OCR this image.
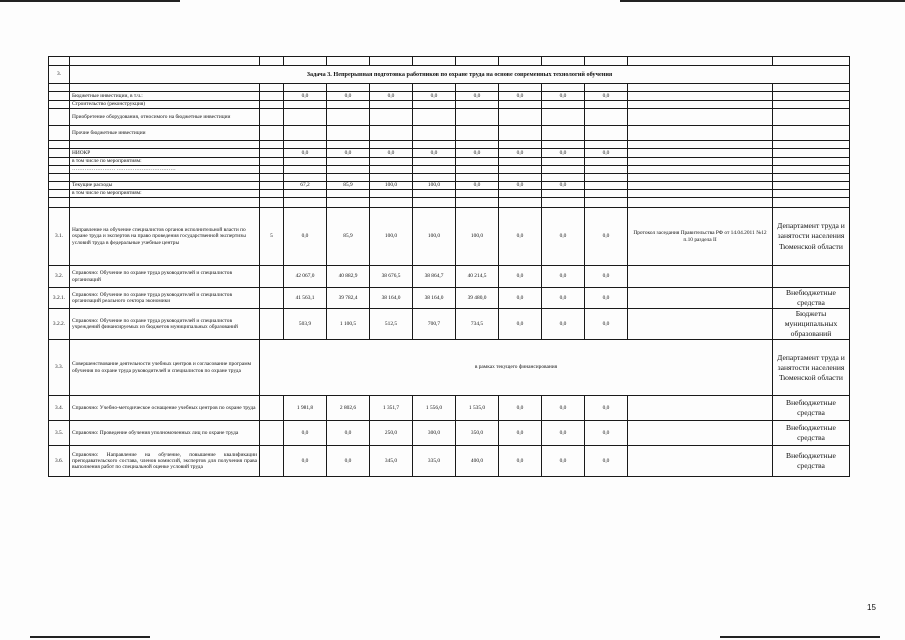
3.	Задача 3. Непрерывная подготовка работников по охране труда на основе современных технологий обучения											

	Бюджетные инвестиции, в т.ч.:		0,0	0,0	0,0	0,0	0,0	0,0	0,0	0,0		
	Строительство (реконструкция)											
	Приобретение оборудования, относимого на бюджетные инвестиции											
	Прочие бюджетные инвестиции											

	НИОКР		0,0	0,0	0,0	0,0	0,0	0,0	0,0	0,0		
	в том числе по мероприятиям:											
	…………………… ……………………………											

	Текущие расходы		67,2	85,9	100,0	100,0	0,0	0,0	0,0			
	в том числе по мероприятиям:											

3.1.	Направление на обучение специалистов органов исполнительной власти по охране труда и экспертов на право проведения государственной экспертизы условий труда в федеральные учебные центры	5	0,0	85,9	100,0	100,0	100,0	0,0	0,0	0,0	Протокол заседания Правительства РФ от 14.04.2011 №12 п.10 раздела II	Департамент труда и занятости населения Тюменской области
3.2.	Справочно: Обучение по охране труда руководителей и специалистов организаций		42 067,0	40 882,9	38 676,5	38 864,7	40 214,5	0,0	0,0	0,0		
3.2.1.	Справочно: Обучение по охране труда руководителей и специалистов организаций реального сектора экономики		41 563,1	39 782,4	38 164,0	38 164,0	39 480,0	0,0	0,0	0,0		Внебюджетные средства
3.2.2.	Справочно: Обучение по охране труда руководителей и специалистов учреждений финансируемых из бюджетов муниципальных образований		503,9	1 100,5	512,5	700,7	734,5	0,0	0,0	0,0		Бюджеты муниципальных образований
3.3.	Совершенствование деятельности учебных центров и согласование программ обучения по охране труда руководителей и специалистов по охране труда	в рамках текущего финансирования										Департамент труда и занятости населения Тюменской области
3.4.	Справочно: Учебно-методическое оснащение учебных центров по охране труда		1 981,8	2 802,6	1 351,7	1 556,0	1 535,0	0,0	0,0	0,0		Внебюджетные средства
3.5.	Справочно: Проведение обучения уполномоченных лиц по охране труда		0,0	0,0	250,0	300,0	350,0	0,0	0,0	0,0		Внебюджетные средства
3.6.	Справочно: Направление на обучение, повышение квалификации преподавательского состава, членов комиссий, экспертов для получения права выполнения работ по специальной оценке условий труда		0,0	0,0	345,0	335,0	400,0	0,0	0,0	0,0		Внебюджетные средства
15
